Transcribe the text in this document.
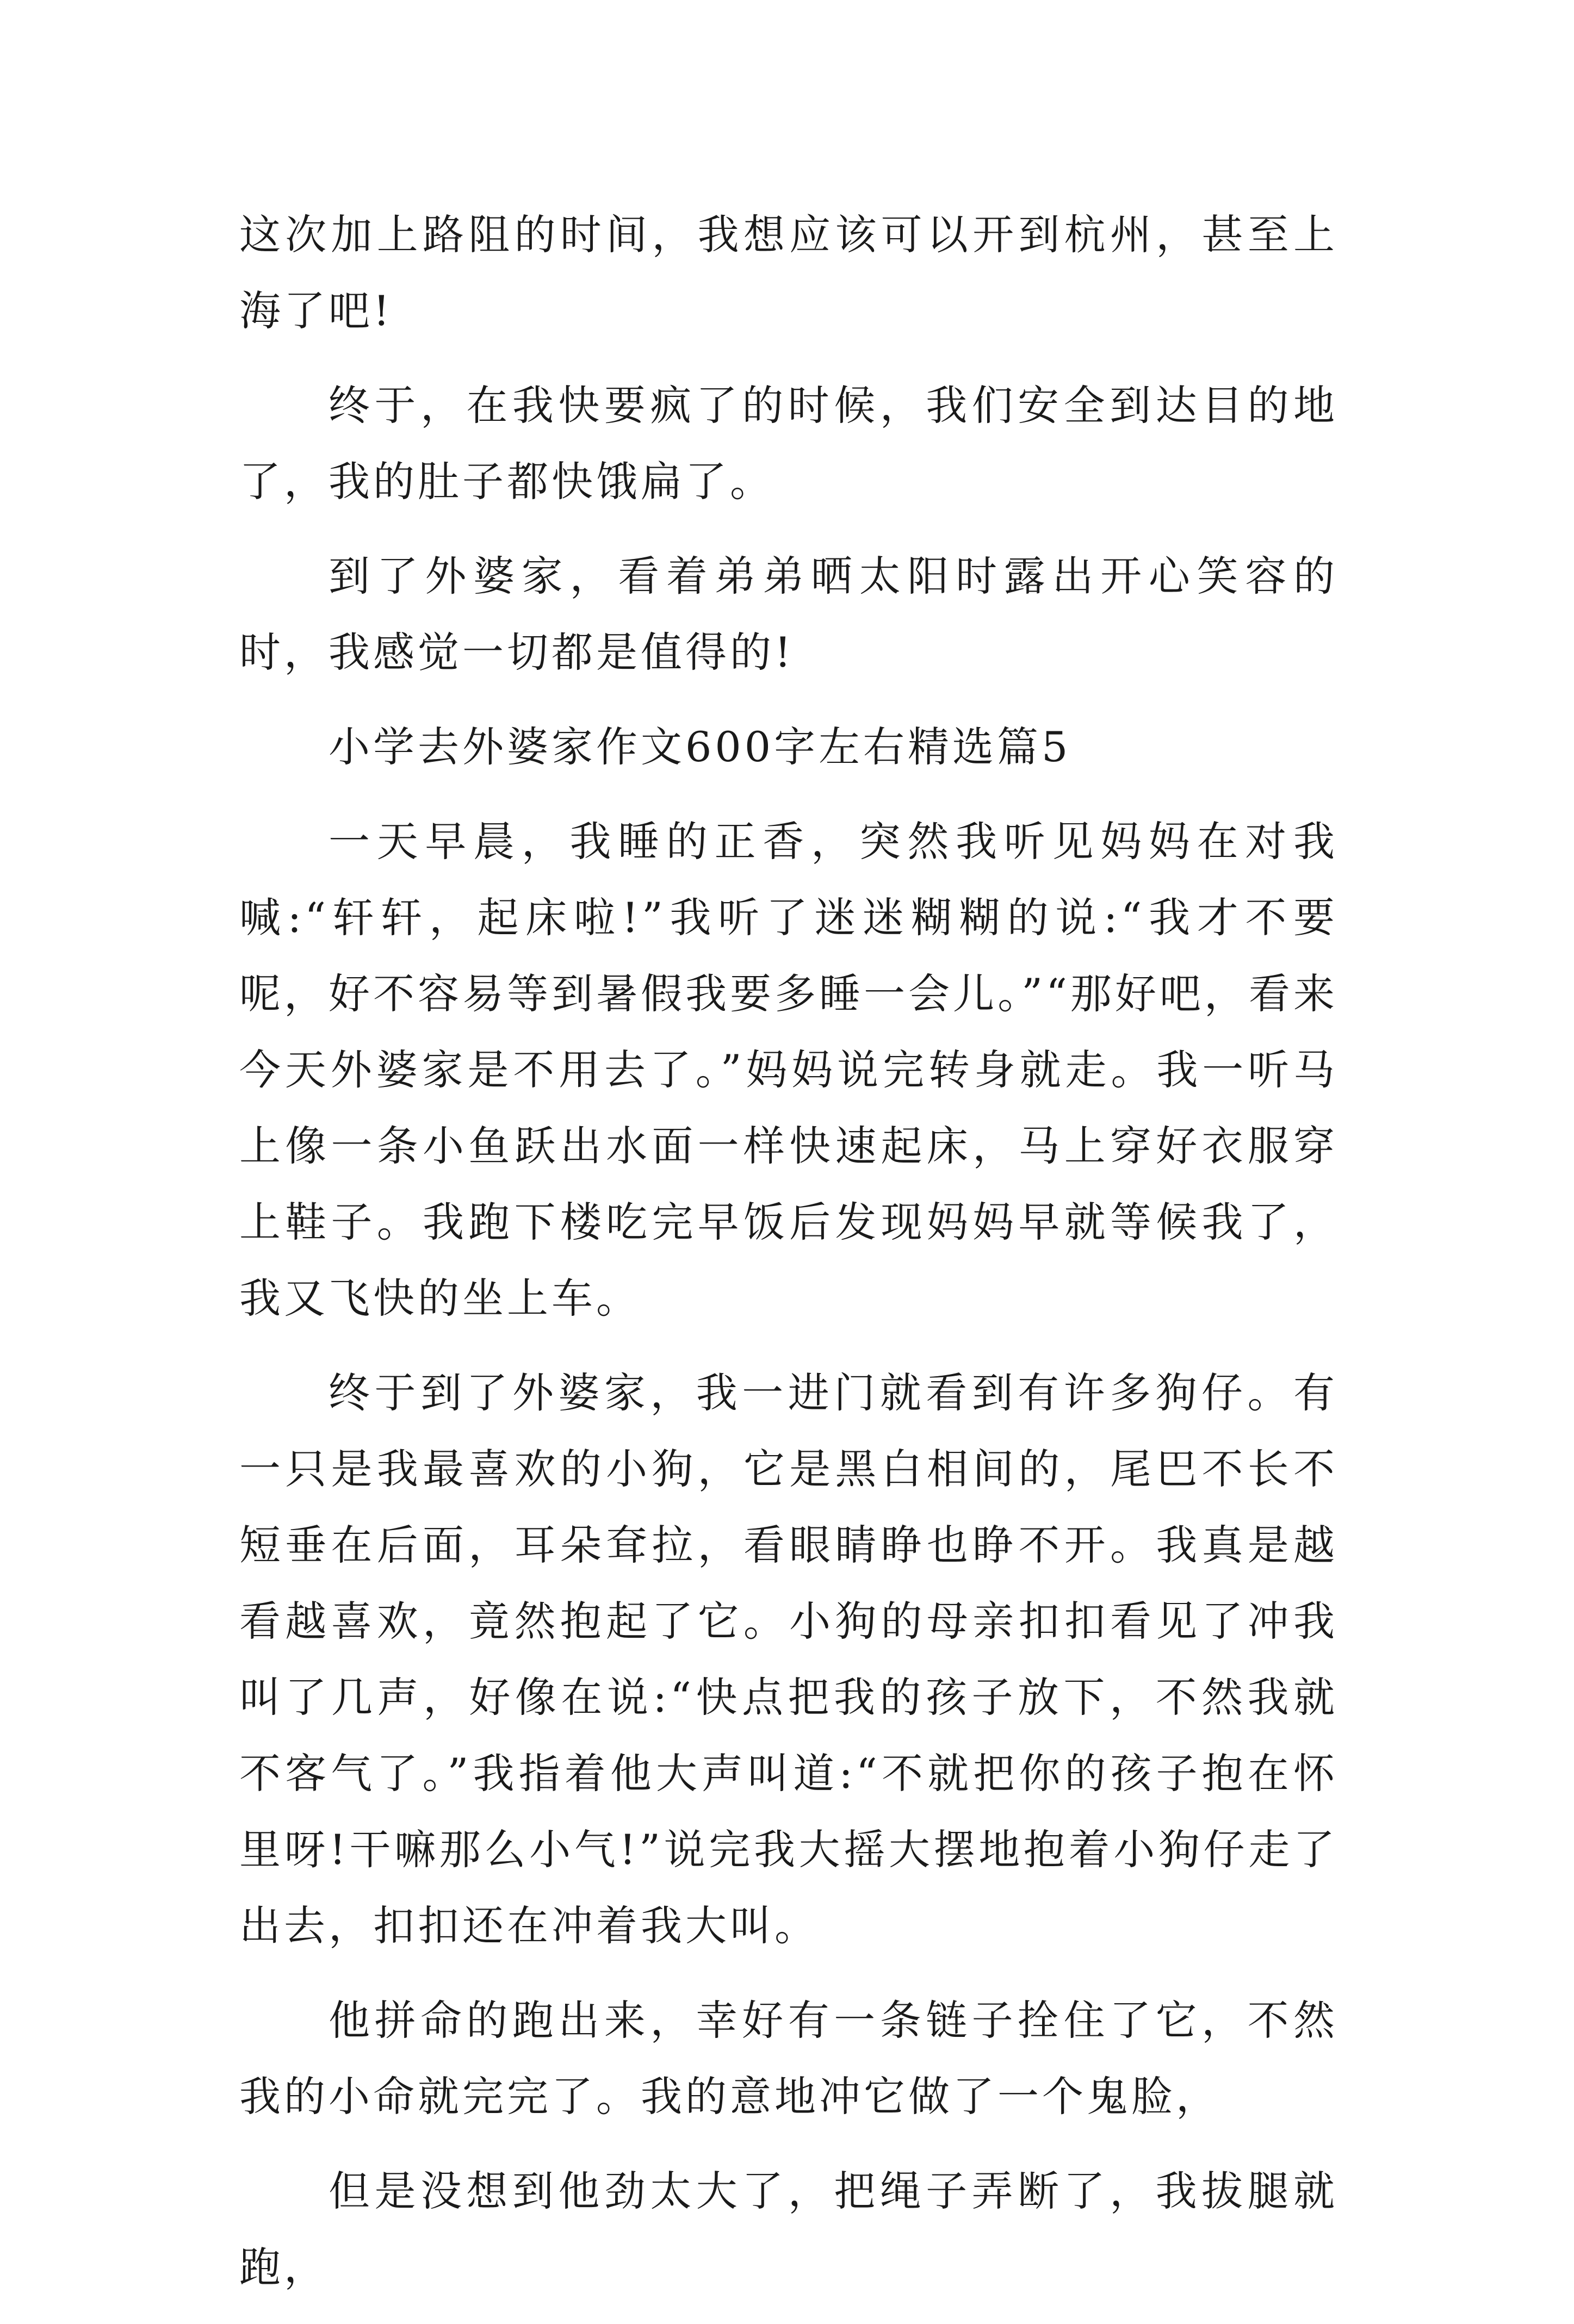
这次加上路阻的时间，我想应该可以开到杭州，甚至上海了吧!

终于，在我快要疯了的时候，我们安全到达目的地了，我的肚子都快饿扁了。

到了外婆家，看着弟弟晒太阳时露出开心笑容的时，我感觉一切都是值得的!

小学去外婆家作文600字左右精选篇5

一天早晨，我睡的正香，突然我听见妈妈在对我喊:“轩轩，起床啦!”我听了迷迷糊糊的说:“我才不要呢，好不容易等到暑假我要多睡一会儿。”“那好吧，看来今天外婆家是不用去了。”妈妈说完转身就走。我一听马上像一条小鱼跃出水面一样快速起床，马上穿好衣服穿上鞋子。我跑下楼吃完早饭后发现妈妈早就等候我了，我又飞快的坐上车。

终于到了外婆家，我一进门就看到有许多狗仔。有一只是我最喜欢的小狗，它是黑白相间的，尾巴不长不短垂在后面，耳朵耷拉，看眼睛睁也睁不开。我真是越看越喜欢，竟然抱起了它。小狗的母亲扣扣看见了冲我叫了几声，好像在说:“快点把我的孩子放下，不然我就不客气了。”我指着他大声叫道:“不就把你的孩子抱在怀里呀!干嘛那么小气!”说完我大摇大摆地抱着小狗仔走了出去，扣扣还在冲着我大叫。

他拼命的跑出来，幸好有一条链子拴住了它，不然我的小命就完完了。我的意地冲它做了一个鬼脸，

但是没想到他劲太大了，把绳子弄断了，我拔腿就跑，
